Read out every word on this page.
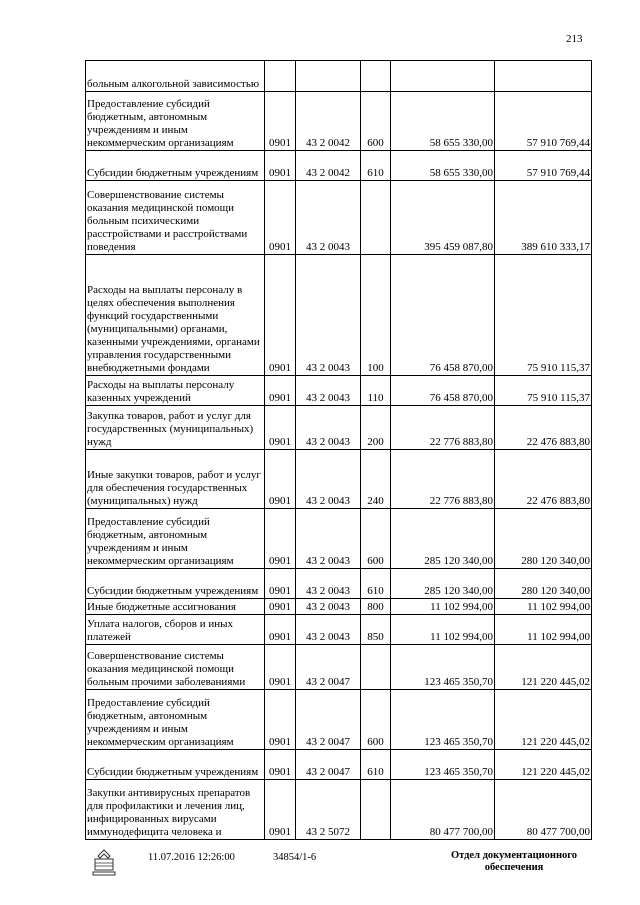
213
больным алкогольной зависимостью					
Предоставление субсидий бюджетным, автономным учреждениям и иным некоммерческим организациям	0901	43 2 0042	600	58 655 330,00	57 910 769,44
Субсидии бюджетным учреждениям	0901	43 2 0042	610	58 655 330,00	57 910 769,44
Совершенствование системы оказания медицинской помощи больным психическими расстройствами и расстройствами поведения	0901	43 2 0043		395 459 087,80	389 610 333,17
Расходы на выплаты персоналу в целях обеспечения выполнения функций государственными (муниципальными) органами, казенными учреждениями, органами управления государственными внебюджетными фондами	0901	43 2 0043	100	76 458 870,00	75 910 115,37
Расходы на выплаты персоналу казенных учреждений	0901	43 2 0043	110	76 458 870,00	75 910 115,37
Закупка товаров, работ и услуг для государственных (муниципальных) нужд	0901	43 2 0043	200	22 776 883,80	22 476 883,80
Иные закупки товаров, работ и услуг для обеспечения государственных (муниципальных) нужд	0901	43 2 0043	240	22 776 883,80	22 476 883,80
Предоставление субсидий бюджетным, автономным учреждениям и иным некоммерческим организациям	0901	43 2 0043	600	285 120 340,00	280 120 340,00
Субсидии бюджетным учреждениям	0901	43 2 0043	610	285 120 340,00	280 120 340,00
Иные бюджетные ассигнования	0901	43 2 0043	800	11 102 994,00	11 102 994,00
Уплата налогов, сборов и иных платежей	0901	43 2 0043	850	11 102 994,00	11 102 994,00
Совершенствование системы оказания медицинской помощи больным прочими заболеваниями	0901	43 2 0047		123 465 350,70	121 220 445,02
Предоставление субсидий бюджетным, автономным учреждениям и иным некоммерческим организациям	0901	43 2 0047	600	123 465 350,70	121 220 445,02
Субсидии бюджетным учреждениям	0901	43 2 0047	610	123 465 350,70	121 220 445,02
Закупки антивирусных препаратов для профилактики и лечения лиц, инфицированных вирусами иммунодефицита человека и	0901	43 2 5072		80 477 700,00	80 477 700,00
11.07.2016 12:26:00	34854/1-6	Отдел документационного
обеспечения
